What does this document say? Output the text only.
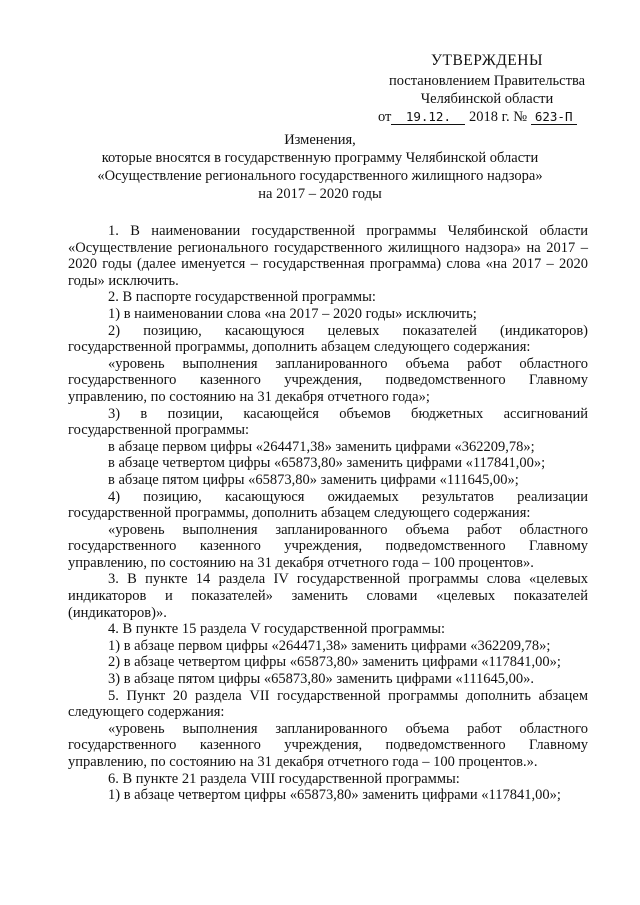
УТВЕРЖДЕНЫ
постановлением Правительства
Челябинской области
от 19.12. 2018 г. № 623-П
Изменения,
которые вносятся в государственную программу Челябинской области
«Осуществление регионального государственного жилищного надзора»
на 2017 – 2020 годы

1. В наименовании государственной программы Челябинской области «Осуществление регионального государственного жилищного надзора» на 2017 – 2020 годы (далее именуется – государственная программа) слова «на 2017 – 2020 годы» исключить.

2. В паспорте государственной программы:

1) в наименовании слова «на 2017 – 2020 годы» исключить;

2) позицию, касающуюся целевых показателей (индикаторов) государственной программы, дополнить абзацем следующего содержания:

«уровень выполнения запланированного объема работ областного государственного казенного учреждения, подведомственного Главному управлению, по состоянию на 31 декабря отчетного года»;

3) в позиции, касающейся объемов бюджетных ассигнований государственной программы:

в абзаце первом цифры «264471,38» заменить цифрами «362209,78»;

в абзаце четвертом цифры «65873,80» заменить цифрами «117841,00»;

в абзаце пятом цифры «65873,80» заменить цифрами «111645,00»;

4) позицию, касающуюся ожидаемых результатов реализации государственной программы, дополнить абзацем следующего содержания:

«уровень выполнения запланированного объема работ областного государственного казенного учреждения, подведомственного Главному управлению, по состоянию на 31 декабря отчетного года – 100 процентов».

3. В пункте 14 раздела IV государственной программы слова «целевых индикаторов и показателей» заменить словами «целевых показателей (индикаторов)».

4. В пункте 15 раздела V государственной программы:

1) в абзаце первом цифры «264471,38» заменить цифрами «362209,78»;

2) в абзаце четвертом цифры «65873,80» заменить цифрами «117841,00»;

3) в абзаце пятом цифры «65873,80» заменить цифрами «111645,00».

5. Пункт 20 раздела VII государственной программы дополнить абзацем следующего содержания:

«уровень выполнения запланированного объема работ областного государственного казенного учреждения, подведомственного Главному управлению, по состоянию на 31 декабря отчетного года – 100 процентов.».

6. В пункте 21 раздела VIII государственной программы:

1) в абзаце четвертом цифры «65873,80» заменить цифрами «117841,00»;
